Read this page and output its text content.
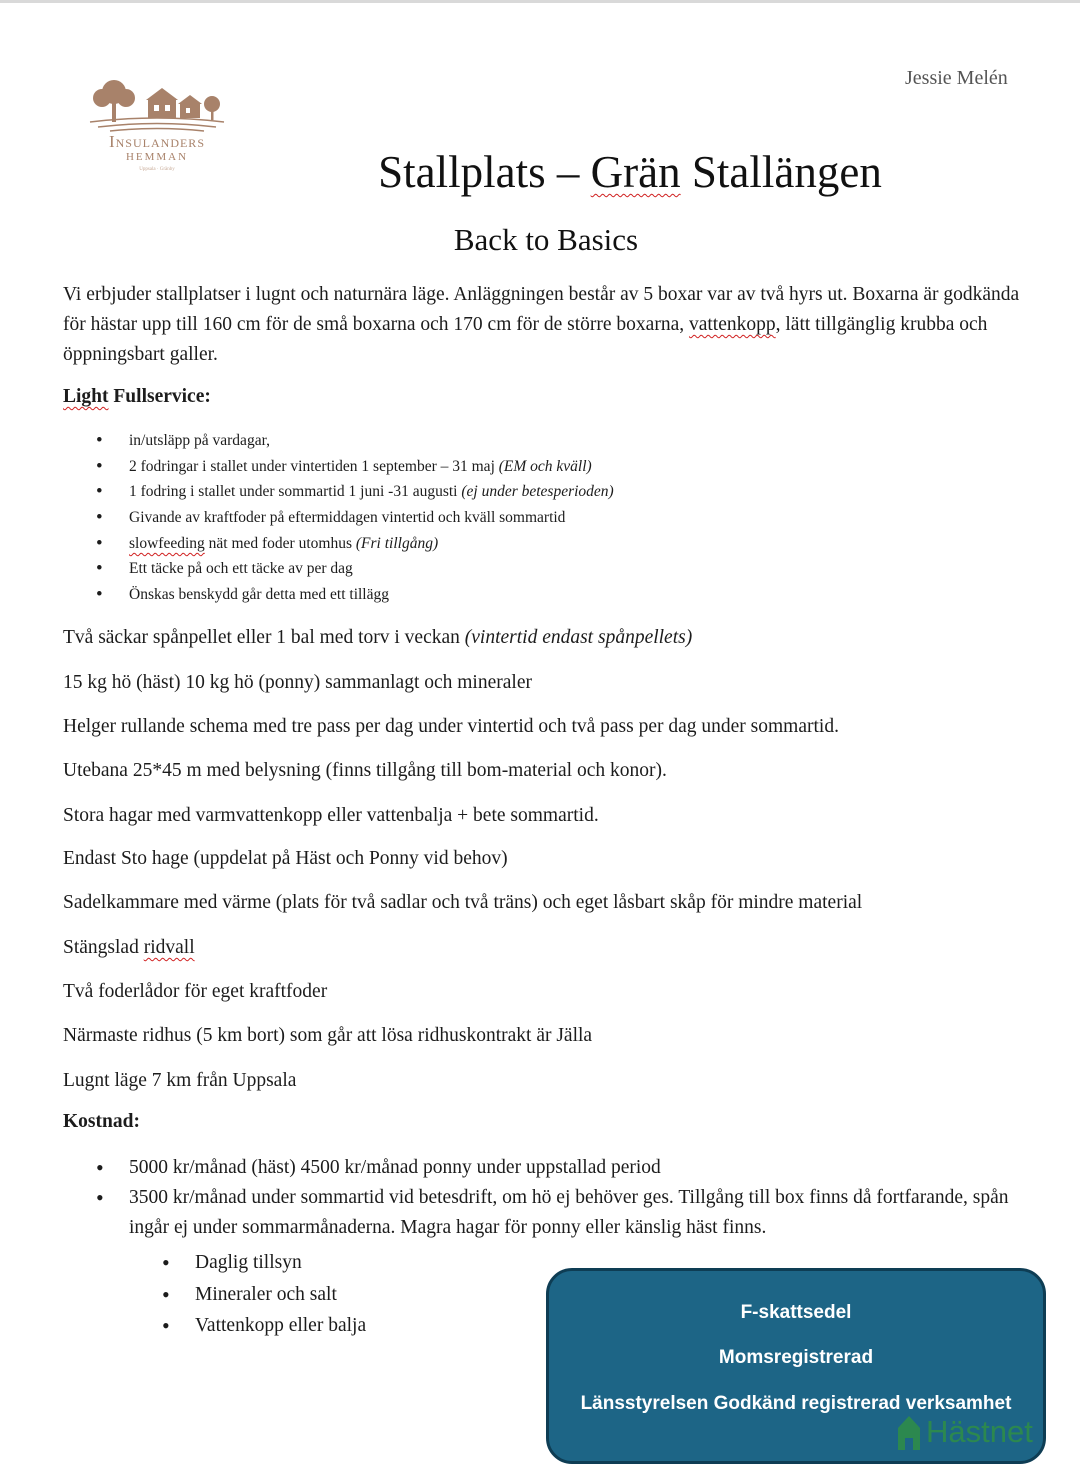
Insulanders
HEMMAN
Uppsala · Gränby
Jessie Melén
Stallplats – Grän Stallängen
Back to Basics
Vi erbjuder stallplatser i lugnt och naturnära läge. Anläggningen består av 5 boxar var av två hyrs ut. Boxarna är godkända för hästar upp till 160 cm för de små boxarna och 170 cm för de större boxarna, vattenkopp, lätt tillgänglig krubba och öppningsbart galler.
Light Fullservice:
• in/utsläpp på vardagar,
• 2 fodringar i stallet under vintertiden 1 september – 31 maj (EM och kväll)
• 1 fodring i stallet under sommartid 1 juni -31 augusti (ej under betesperioden)
• Givande av kraftfoder på eftermiddagen vintertid och kväll sommartid
• slowfeeding nät med foder utomhus (Fri tillgång)
• Ett täcke på och ett täcke av per dag
• Önskas benskydd går detta med ett tillägg
Två säckar spånpellet eller 1 bal med torv i veckan (vintertid endast spånpellets)
15 kg hö (häst) 10 kg hö (ponny) sammanlagt och mineraler
Helger rullande schema med tre pass per dag under vintertid och två pass per dag under sommartid.
Utebana 25*45 m med belysning (finns tillgång till bom-material och konor).
Stora hagar med varmvattenkopp eller vattenbalja + bete sommartid.
Endast Sto hage (uppdelat på Häst och Ponny vid behov)
Sadelkammare med värme (plats för två sadlar och två träns) och eget låsbart skåp för mindre material
Stängslad ridvall
Två foderlådor för eget kraftfoder
Närmaste ridhus (5 km bort) som går att lösa ridhuskontrakt är Jälla
Lugnt läge 7 km från Uppsala
Kostnad:
• 5000 kr/månad (häst) 4500 kr/månad ponny under uppstallad period
• 3500 kr/månad under sommartid vid betesdrift, om hö ej behöver ges. Tillgång till box finns då fortfarande, spån ingår ej under sommarmånaderna. Magra hagar för ponny eller känslig häst finns.
• Daglig tillsyn
• Mineraler och salt
• Vattenkopp eller balja
F-skattsedel
Momsregistrerad
Länsstyrelsen Godkänd registrerad verksamhet
Hästnet
